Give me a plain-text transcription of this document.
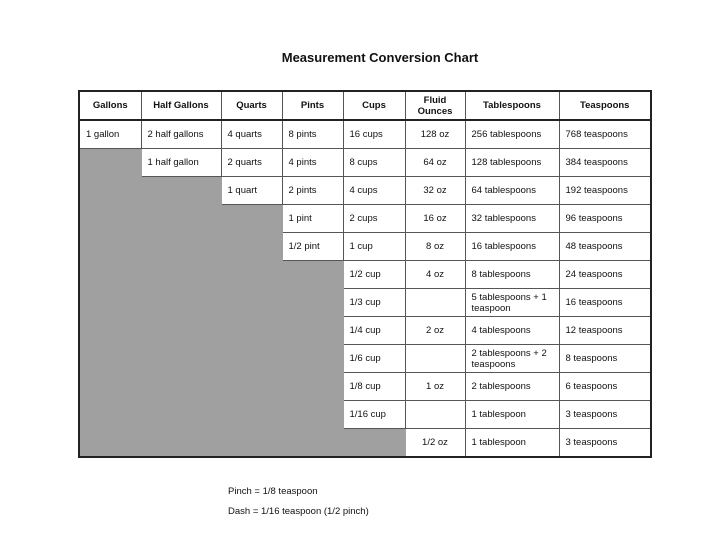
Measurement Conversion Chart
Gallons	Half Gallons	Quarts	Pints	Cups	Fluid Ounces	Tablespoons	Teaspoons
1 gallon	2 half gallons	4 quarts	8 pints	16 cups	128 oz	256 tablespoons	768 teaspoons
	1 half gallon	2 quarts	4 pints	8 cups	64 oz	128 tablespoons	384 teaspoons
		1 quart	2 pints	4 cups	32 oz	64 tablespoons	192 teaspoons
			1 pint	2 cups	16 oz	32 tablespoons	96 teaspoons
			1/2 pint	1 cup	8 oz	16 tablespoons	48 teaspoons
				1/2 cup	4 oz	8 tablespoons	24 teaspoons
				1/3 cup		5 tablespoons + 1 teaspoon	16 teaspoons
				1/4 cup	2 oz	4 tablespoons	12 teaspoons
				1/6 cup		2 tablespoons + 2 teaspoons	8 teaspoons
				1/8 cup	1 oz	2 tablespoons	6 teaspoons
				1/16 cup		1 tablespoon	3 teaspoons
					1/2 oz	1 tablespoon	3 teaspoons
Pinch = 1/8 teaspoon
Dash = 1/16 teaspoon (1/2 pinch)
